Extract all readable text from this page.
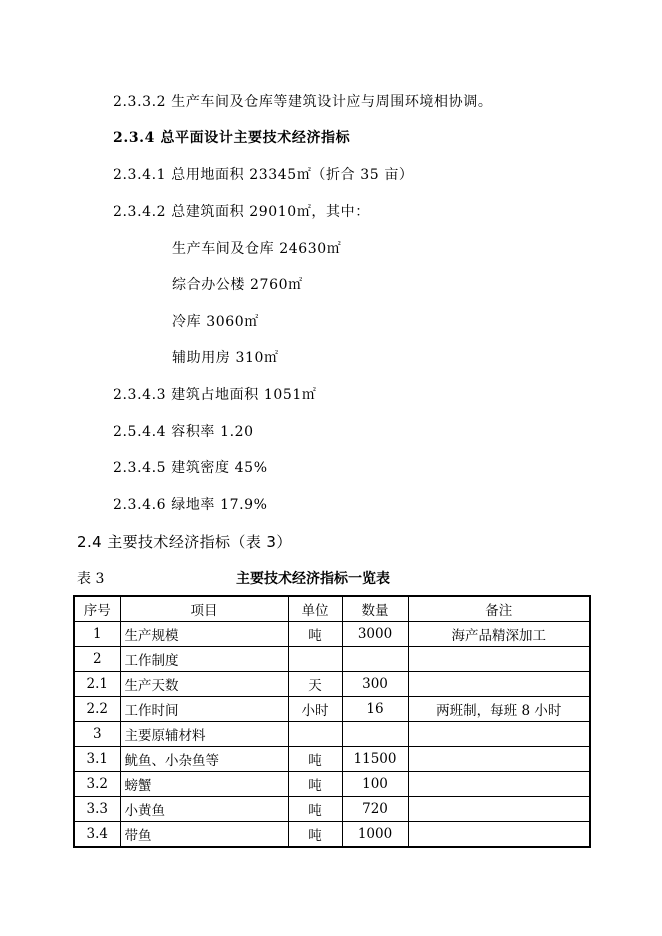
2.3.3.2 生产车间及仓库等建筑设计应与周围环境相协调。
2.3.4 总平面设计主要技术经济指标
2.3.4.1 总用地面积 23345㎡（折合 35 亩）
2.3.4.2 总建筑面积 29010㎡，其中：
生产车间及仓库 24630㎡
综合办公楼 2760㎡
冷库 3060㎡
辅助用房 310㎡
2.3.4.3 建筑占地面积 1051㎡
2.5.4.4 容积率 1.20
2.3.4.5 建筑密度 45%
2.3.4.6 绿地率 17.9%
2.4 主要技术经济指标（表 3）
表 3	主要技术经济指标一览表
序号	项目	单位	数量	备注
1	生产规模	吨	3000	海产品精深加工
2	工作制度			
2.1	生产天数	天	300	
2.2	工作时间	小时	16	两班制，每班 8 小时
3	主要原辅材料			
3.1	鱿鱼、小杂鱼等	吨	11500	
3.2	螃蟹	吨	100	
3.3	小黄鱼	吨	720	
3.4	带鱼	吨	1000	
